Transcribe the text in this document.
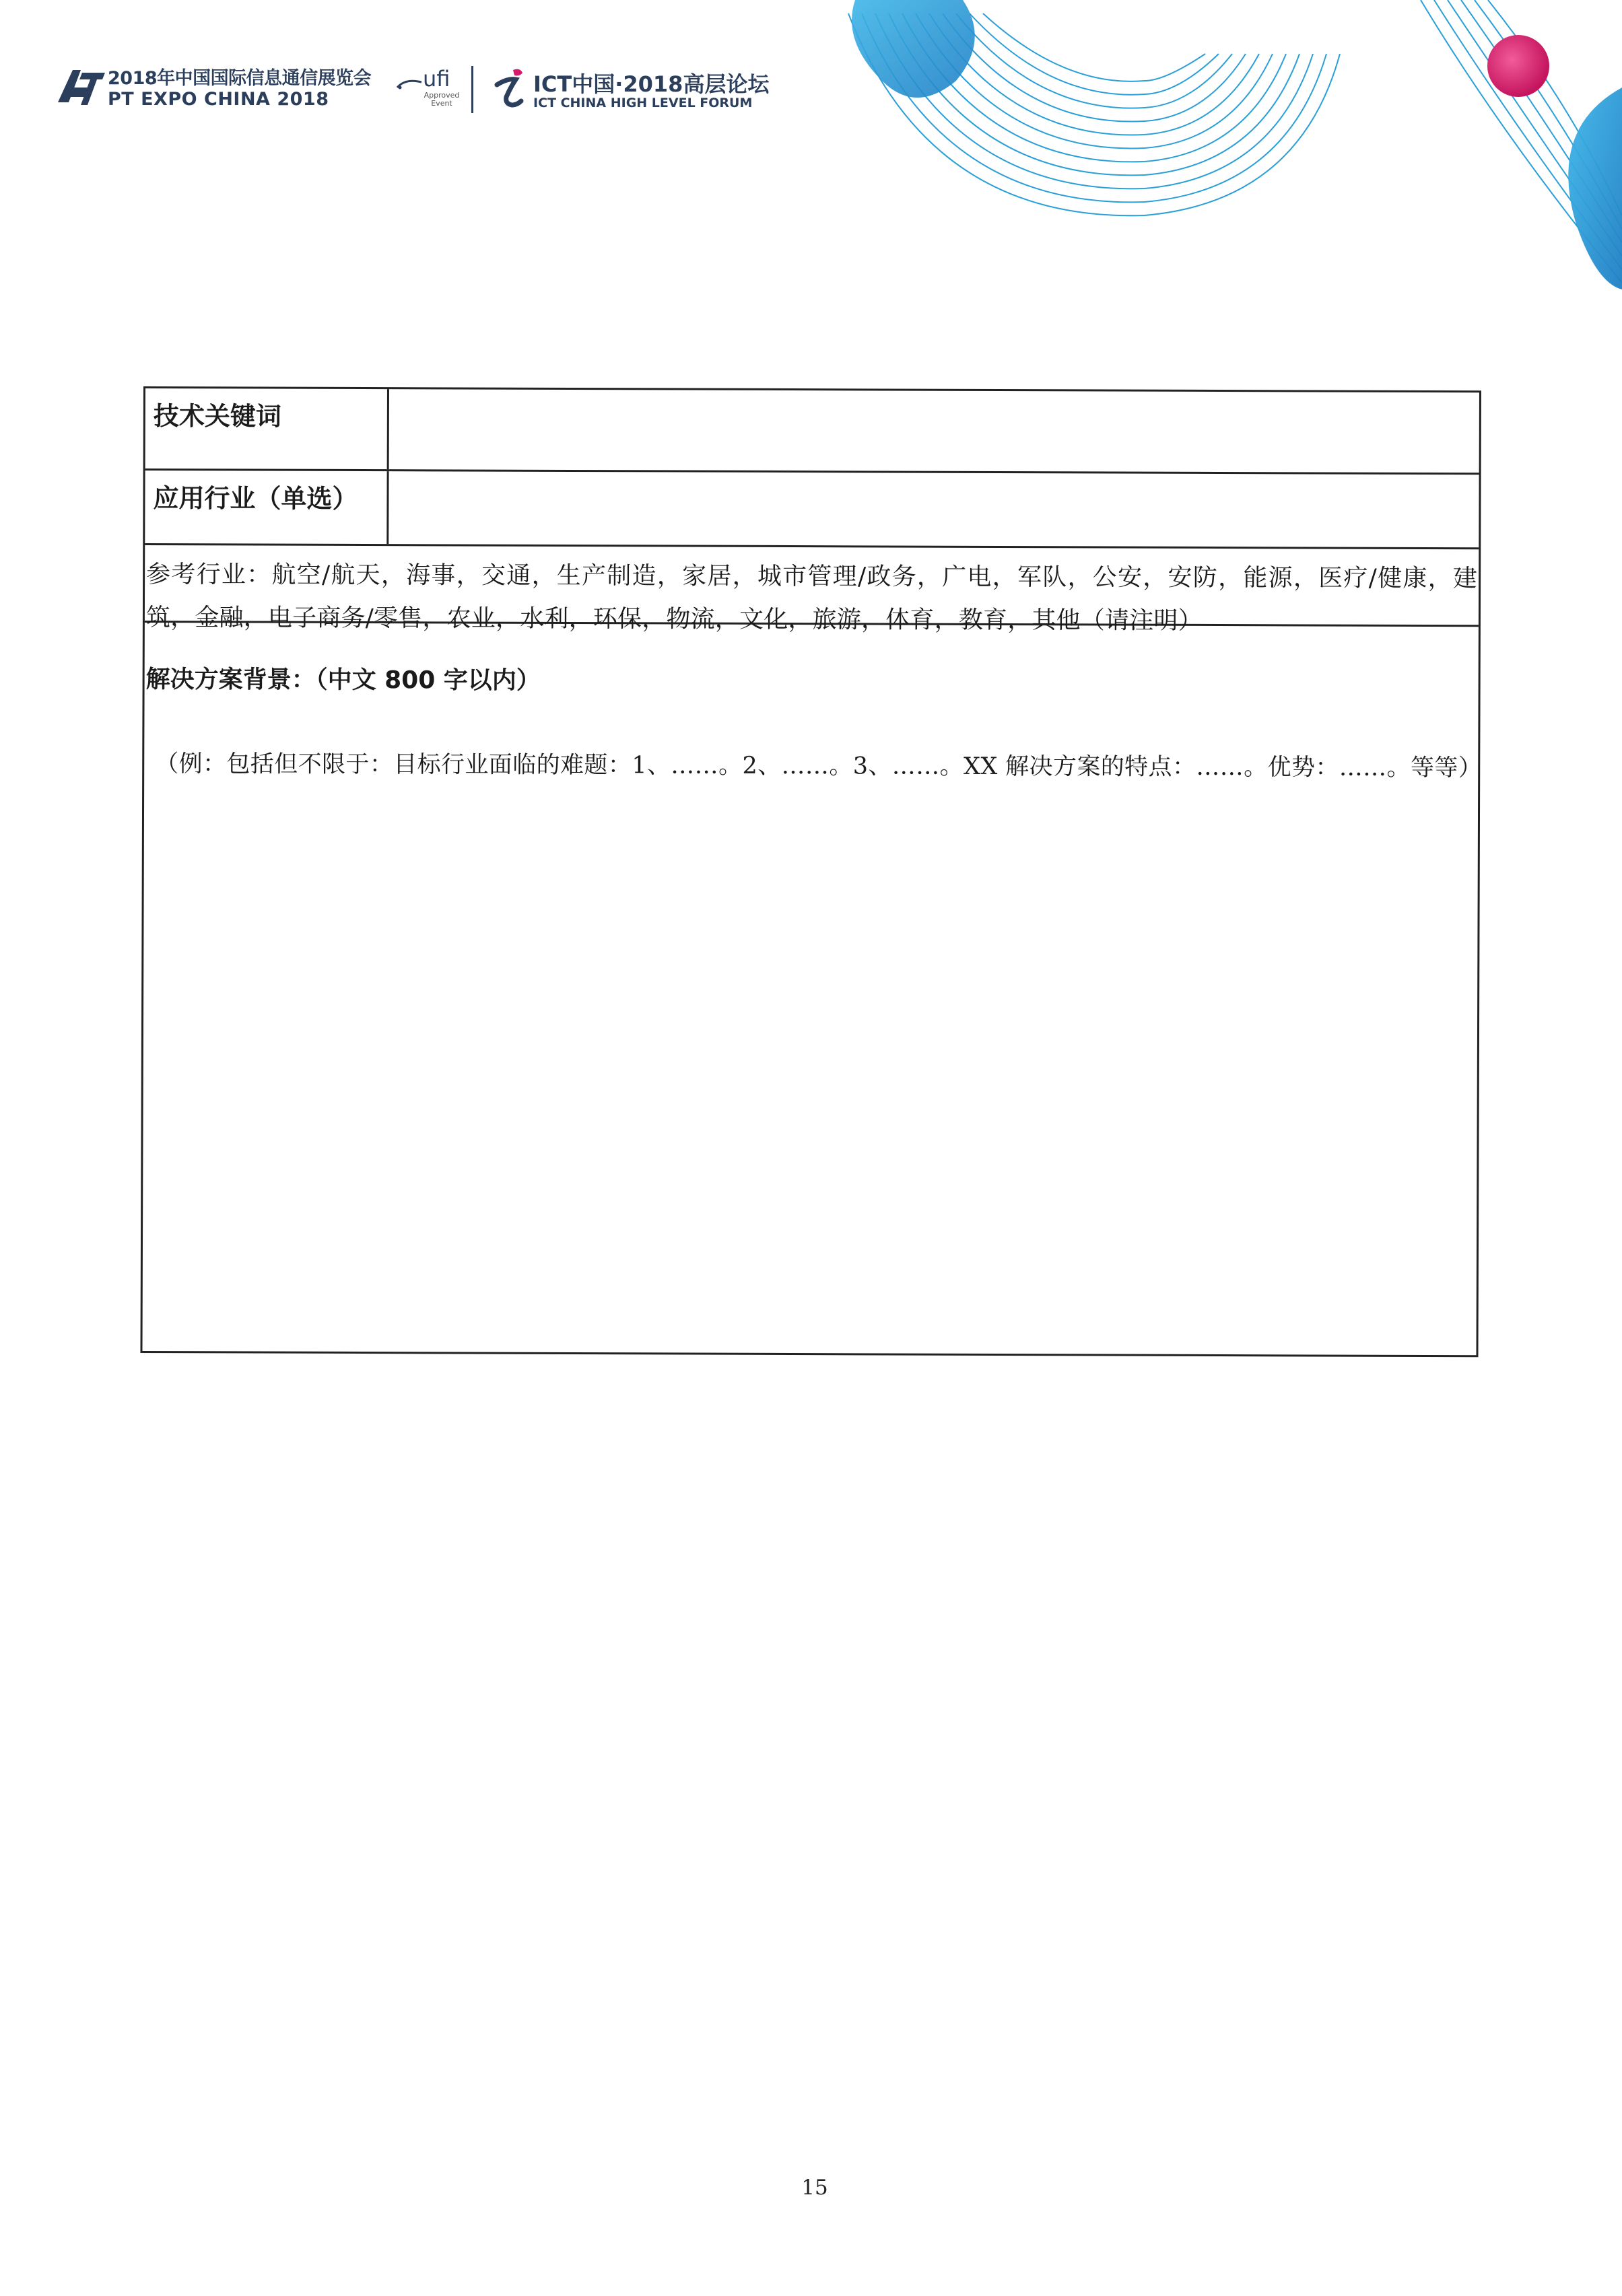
2018年中国国际信息通信展览会
PT EXPO CHINA 2018
ufi
Approved Event
ICT中国·2018高层论坛
ICT CHINA HIGH LEVEL FORUM
技术关键词
应用行业（单选）
参考行业：航空/航天，海事，交通，生产制造，家居，城市管理/政务，广电，军队，公安，安防，能源，医疗/健康，建筑，金融，电子商务/零售，农业，水利，环保，物流，文化，旅游，体育，教育，其他（请注明）
解决方案背景：（中文 800 字以内）
（例：包括但不限于：目标行业面临的难题：1、……。2、……。3、……。XX 解决方案的特点：……。优势：……。等等）
15
